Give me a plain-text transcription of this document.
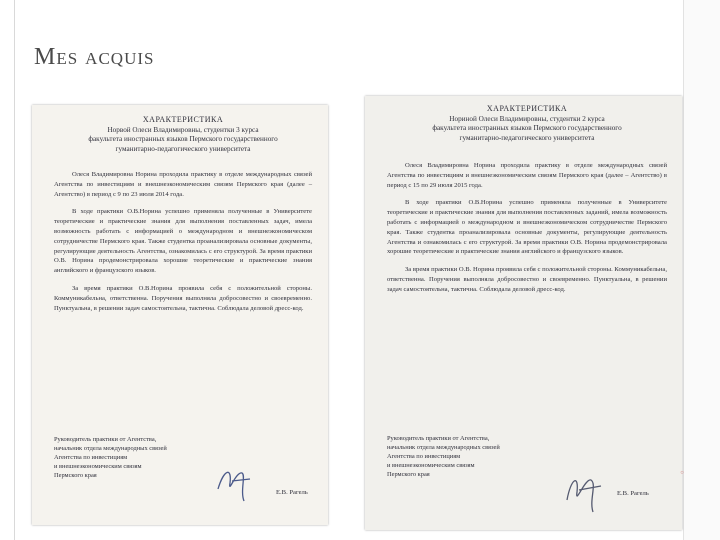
Mes acquis
ХАРАКТЕРИСТИКА
Норвой Олеси Владимировны, студентки 3 курса
факультета иностранных языков Пермского государственного
гуманитарно-педагогического университета
Олеся Владимировна Норина проходила практику в отделе международных связей Агентства по инвестициям и внешнеэкономическим связям Пермского края (далее – Агентство) в период с 9 по 23 июля 2014 года.
В ходе практики О.В.Норина успешно применяла полученные в Университете теоретические и практические знания для выполнения поставленных задач, имела возможность работать с информацией о международном и внешнеэкономическом сотрудничестве Пермского края. Также студентка проанализировала основные документы, регулирующие деятельность Агентства, ознакомилась с его структурой. За время практики О.В. Норина продемонстрировала хорошие теоретические и практические знания английского и французского языков.
За время практики О.В.Норина проявила себя с положительной стороны. Коммуникабельна, ответственна. Поручения выполняла добросовестно и своевременно. Пунктуальна, в решении задач самостоятельна, тактична. Соблюдала деловой дресс-код.
Руководитель практики от Агентства,
начальник отдела международных связей
Агентства по инвестициям
и внешнеэкономическим связям
Пермского края
Е.В. Рагель
ХАРАКТЕРИСТИКА
Нориной Олеси Владимировны, студентки 2 курса
факультета иностранных языков Пермского государственного
гуманитарно-педагогического университета
Олеся Владимировна Норина проходила практику в отделе международных связей Агентства по инвестициям и внешнеэкономическим связям Пермского края (далее – Агентство) в период с 15 по 29 июля 2015 года.
В ходе практики О.В.Норина успешно применяла полученные в Университете теоретические и практические знания для выполнения поставленных заданий, имела возможность работать с информацией о международном и внешнеэкономическом сотрудничестве Пермского края. Также студентка проанализировала основные документы, регулирующие деятельность Агентства и ознакомилась с его структурой. За время практики О.В. Норина продемонстрировала хорошие теоретические и практические знания английского и французского языков.
За время практики О.В. Норина проявила себя с положительной стороны. Коммуникабельна, ответственна. Поручения выполняла добросовестно и своевременно. Пунктуальна, в решении задач самостоятельна, тактична. Соблюдала деловой дресс-код.
Руководитель практики от Агентства,
начальник отдела международных связей
Агентства по инвестициям
и внешнеэкономическим связям
Пермского края
Е.В. Рагель
◦
